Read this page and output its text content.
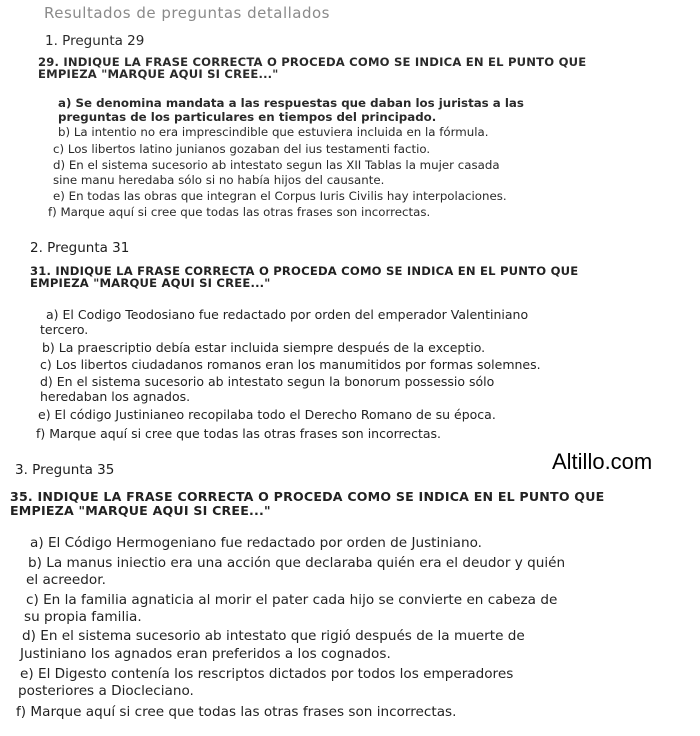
Resultados de preguntas detallados
1. Pregunta 29
29. INDIQUE LA FRASE CORRECTA O PROCEDA COMO SE INDICA EN EL PUNTO QUE
EMPIEZA "MARQUE AQUI SI CREE..."
a) Se denomina mandata a las respuestas que daban los juristas a las
preguntas de los particulares en tiempos del principado.
b) La intentio no era imprescindible que estuviera incluida en la fórmula.
c) Los libertos latino junianos gozaban del ius testamenti factio.
d) En el sistema sucesorio ab intestato segun las XII Tablas la mujer casada
sine manu heredaba sólo si no había hijos del causante.
e) En todas las obras que integran el Corpus Iuris Civilis hay interpolaciones.
f) Marque aquí si cree que todas las otras frases son incorrectas.
2. Pregunta 31
31. INDIQUE LA FRASE CORRECTA O PROCEDA COMO SE INDICA EN EL PUNTO QUE
EMPIEZA "MARQUE AQUI SI CREE..."
a) El Codigo Teodosiano fue redactado por orden del emperador Valentiniano
tercero.
b) La praescriptio debía estar incluida siempre después de la exceptio.
c) Los libertos ciudadanos romanos eran los manumitidos por formas solemnes.
d) En el sistema sucesorio ab intestato segun la bonorum possessio sólo
heredaban los agnados.
e) El código Justinianeo recopilaba todo el Derecho Romano de su época.
f) Marque aquí si cree que todas las otras frases son incorrectas.
Altillo.com
3. Pregunta 35
35. INDIQUE LA FRASE CORRECTA O PROCEDA COMO SE INDICA EN EL PUNTO QUE
EMPIEZA "MARQUE AQUI SI CREE..."
a) El Código Hermogeniano fue redactado por orden de Justiniano.
b) La manus iniectio era una acción que declaraba quién era el deudor y quién
el acreedor.
c) En la familia agnaticia al morir el pater cada hijo se convierte en cabeza de
su propia familia.
d) En el sistema sucesorio ab intestato que rigió después de la muerte de
Justiniano los agnados eran preferidos a los cognados.
e) El Digesto contenía los rescriptos dictados por todos los emperadores
posteriores a Diocleciano.
f) Marque aquí si cree que todas las otras frases son incorrectas.
